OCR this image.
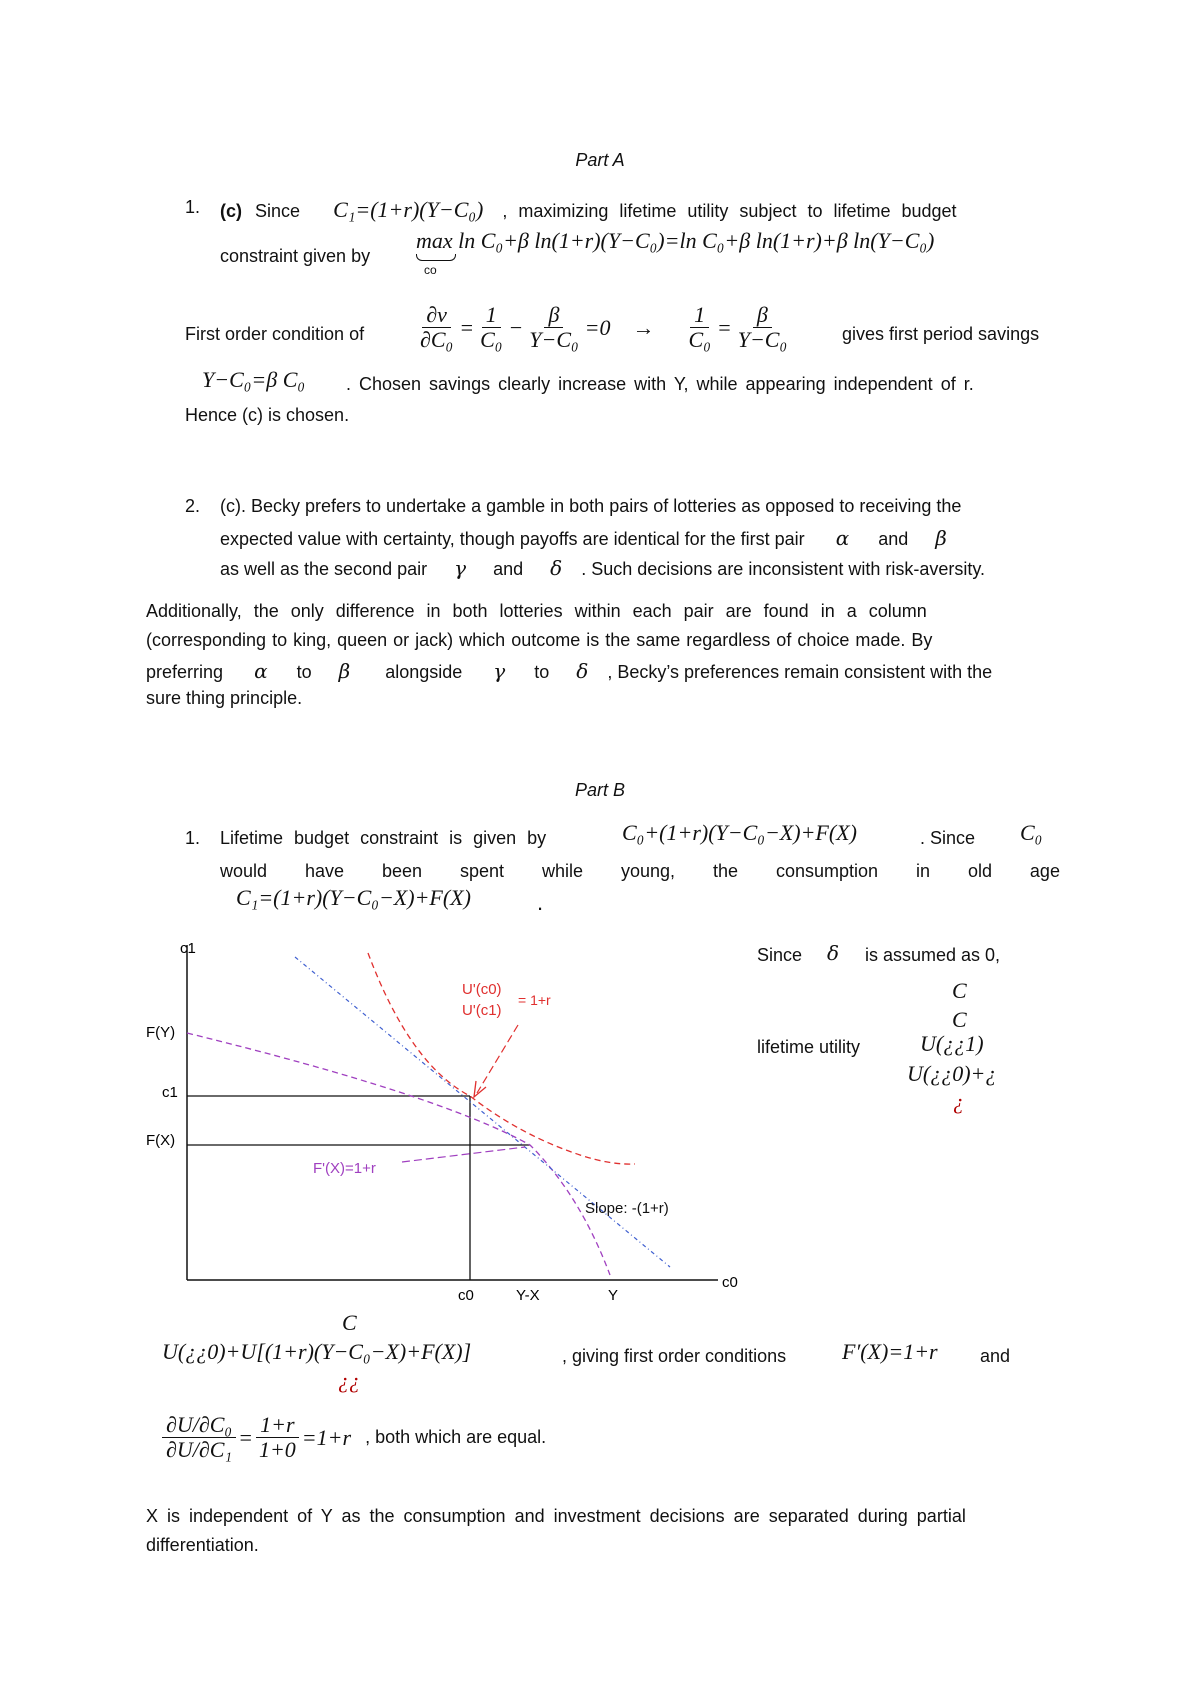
Part A
1. (c) Since C₁=(1+r)(Y−C₀) , maximizing lifetime utility subject to lifetime budget
constraint given by
max ln C₀+β ln(1+r)(Y−C₀)=ln C₀+β ln(1+r)+β ln(Y−C₀)
co
First order condition of $\frac{\partial v}{\text{∂C₀}} = \frac{1}{\text{C₀}} - \frac{\beta}{\text{Y−C₀}} =0 \to \frac{1}{\text{C₀}} = \frac{\beta}{\text{Y−C₀}}$	gives first period savings
Y−C₀=β C₀ . Chosen savings clearly increase with Y, while appearing independent of r.
Hence (c) is chosen.
2. (c). Becky prefers to undertake a gamble in both pairs of lotteries as opposed to receiving the
expected value with certainty, though payoffs are identical for the first pair α and β
as well as the second pair γ and δ . Such decisions are inconsistent with risk-aversity.
Additionally, the only difference in both lotteries within each pair are found in a column
(corresponding to king, queen or jack) which outcome is the same regardless of choice made. By
preferring α to β alongside γ to δ , Becky’s preferences remain consistent with the
sure thing principle.
Part B
1. Lifetime budget constraint is given by	C₀+(1+r)(Y−C₀−X)+F(X)	. Since C₀
would have been spent while young, the consumption in old age
C₁=(1+r)(Y−C₀−X)+F(X)	.
c1
F(Y)
c1
F(X)
c0
c0	Y-X	Y
U'(c0)
U'(c1)
= 1+r
F'(X)=1+r
Slope: -(1+r)
Since δ is assumed as 0,
C
C
lifetime utility	U(¿¿1)
U(¿¿0)+¿
¿
C
U(¿¿0)+U[(1+r)(Y−C₀−X)+F(X)]
¿¿
, giving first order conditions	F′(X)=1+r and
$\frac{\text{∂U/∂C₀}}{\text{∂U/∂C₁}} = \frac{1+r}{1+0} =1+r$ , both which are equal.
X is independent of Y as the consumption and investment decisions are separated during partial
differentiation.
